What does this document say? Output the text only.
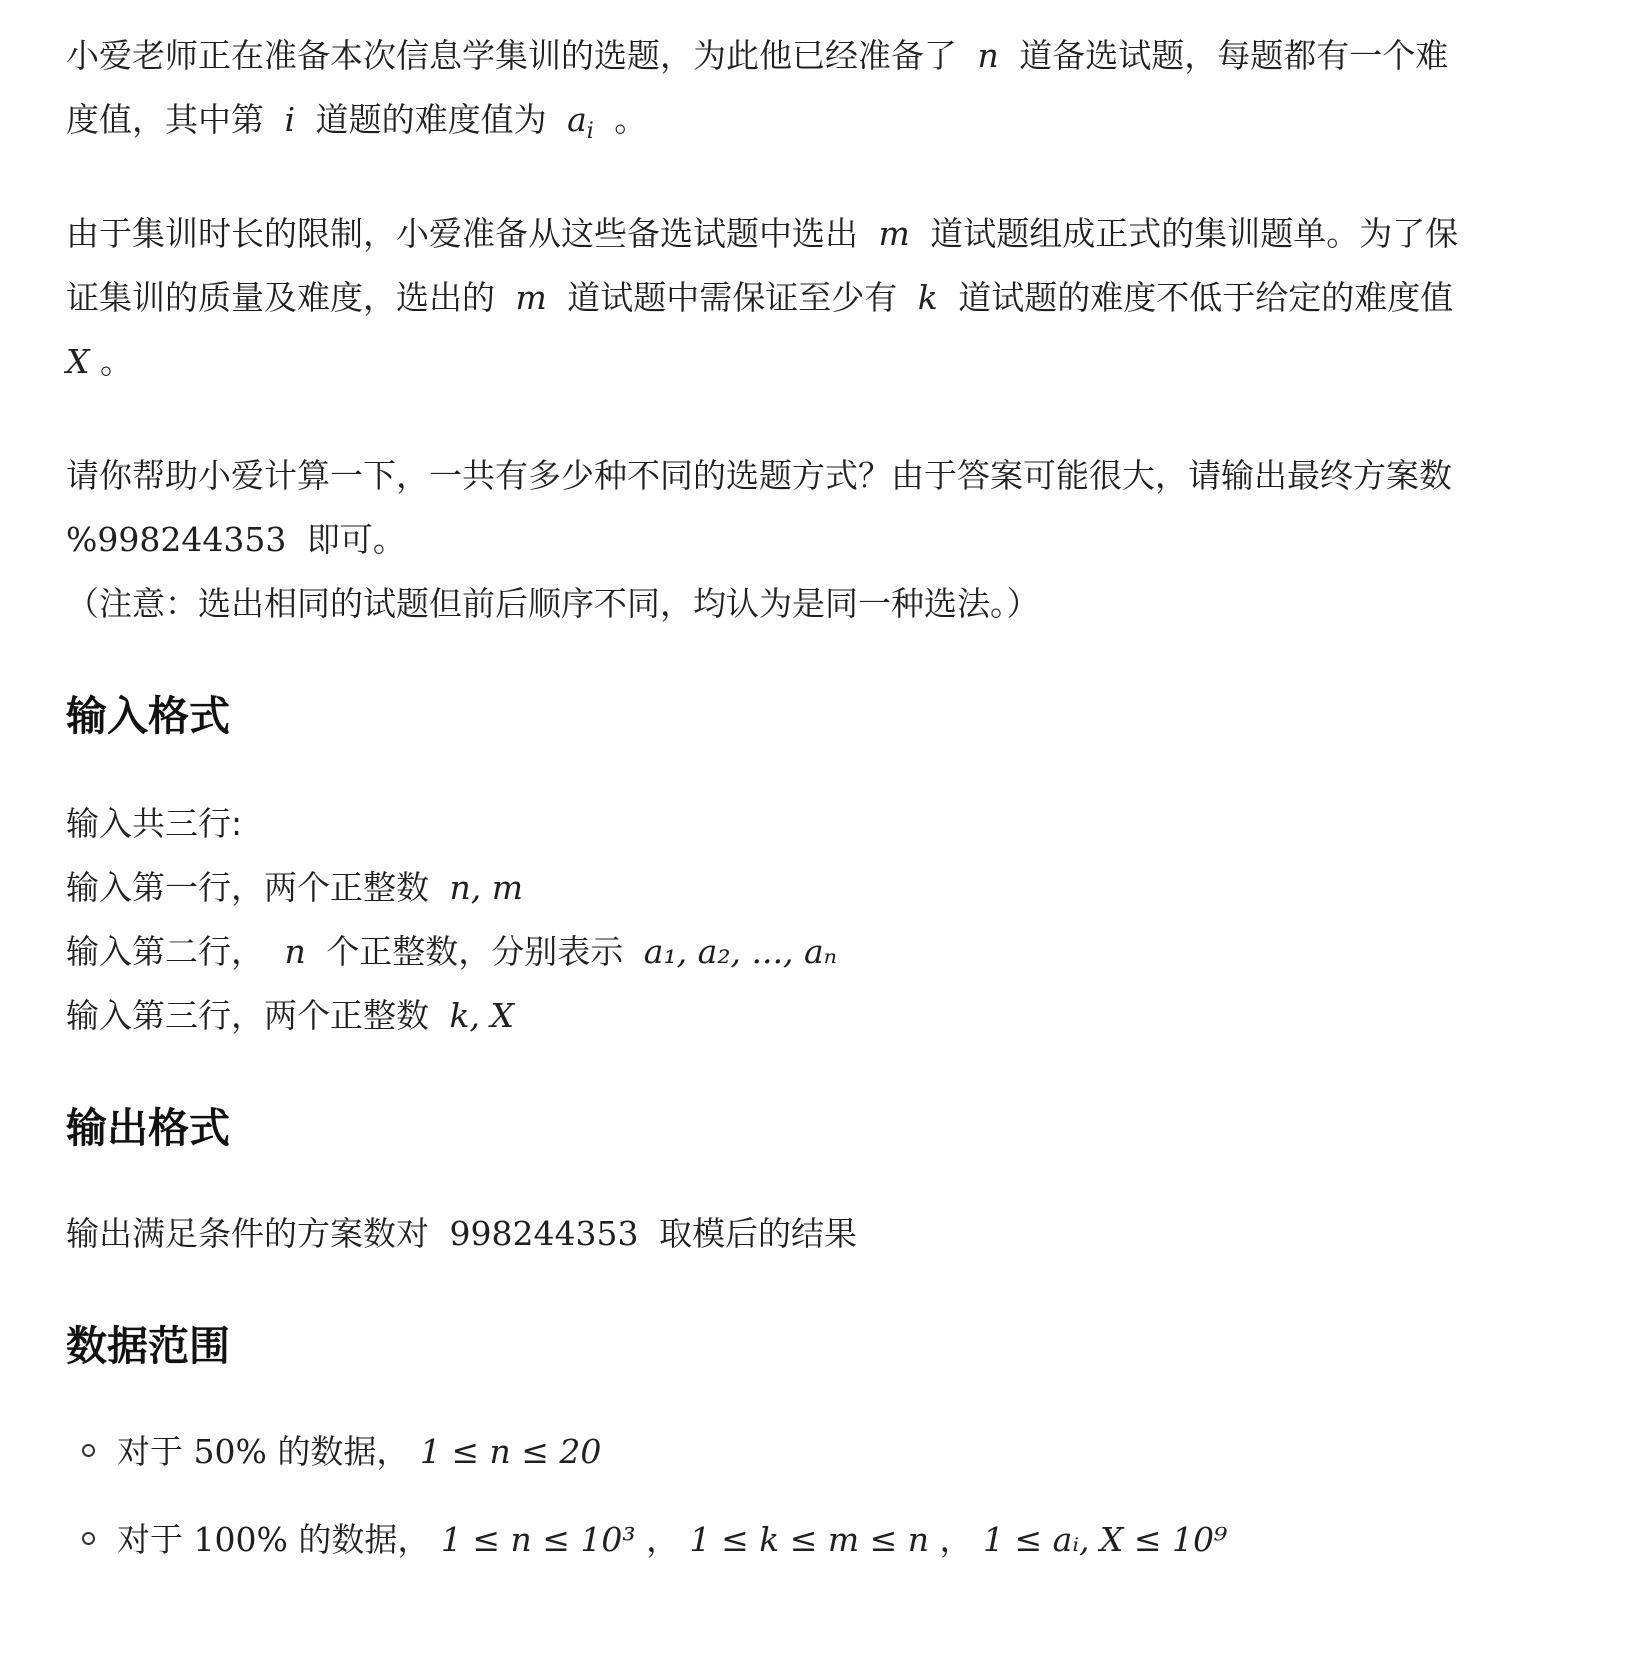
小爱老师正在准备本次信息学集训的选题，为此他已经准备了 n 道备选试题，每题都有一个难
度值，其中第 i 道题的难度值为 $a_i$ 。
由于集训时长的限制，小爱准备从这些备选试题中选出 m 道试题组成正式的集训题单。为了保
证集训的质量及难度，选出的 m 道试题中需保证至少有 k 道试题的难度不低于给定的难度值
X 。
请你帮助小爱计算一下，一共有多少种不同的选题方式？由于答案可能很大，请输出最终方案数
%998244353 即可。
（注意：选出相同的试题但前后顺序不同，均认为是同一种选法。）
输入格式
输入共三行:
输入第一行，两个正整数 n, m
输入第二行， n 个正整数，分别表示 a₁, a₂, ..., aₙ
输入第三行，两个正整数 k, X
输出格式
输出满足条件的方案数对 998244353 取模后的结果
数据范围
对于 50% 的数据， 1 ≤ n ≤ 20
对于 100% 的数据， 1 ≤ n ≤ 10³ ， 1 ≤ k ≤ m ≤ n ， 1 ≤ aᵢ, X ≤ 10⁹
